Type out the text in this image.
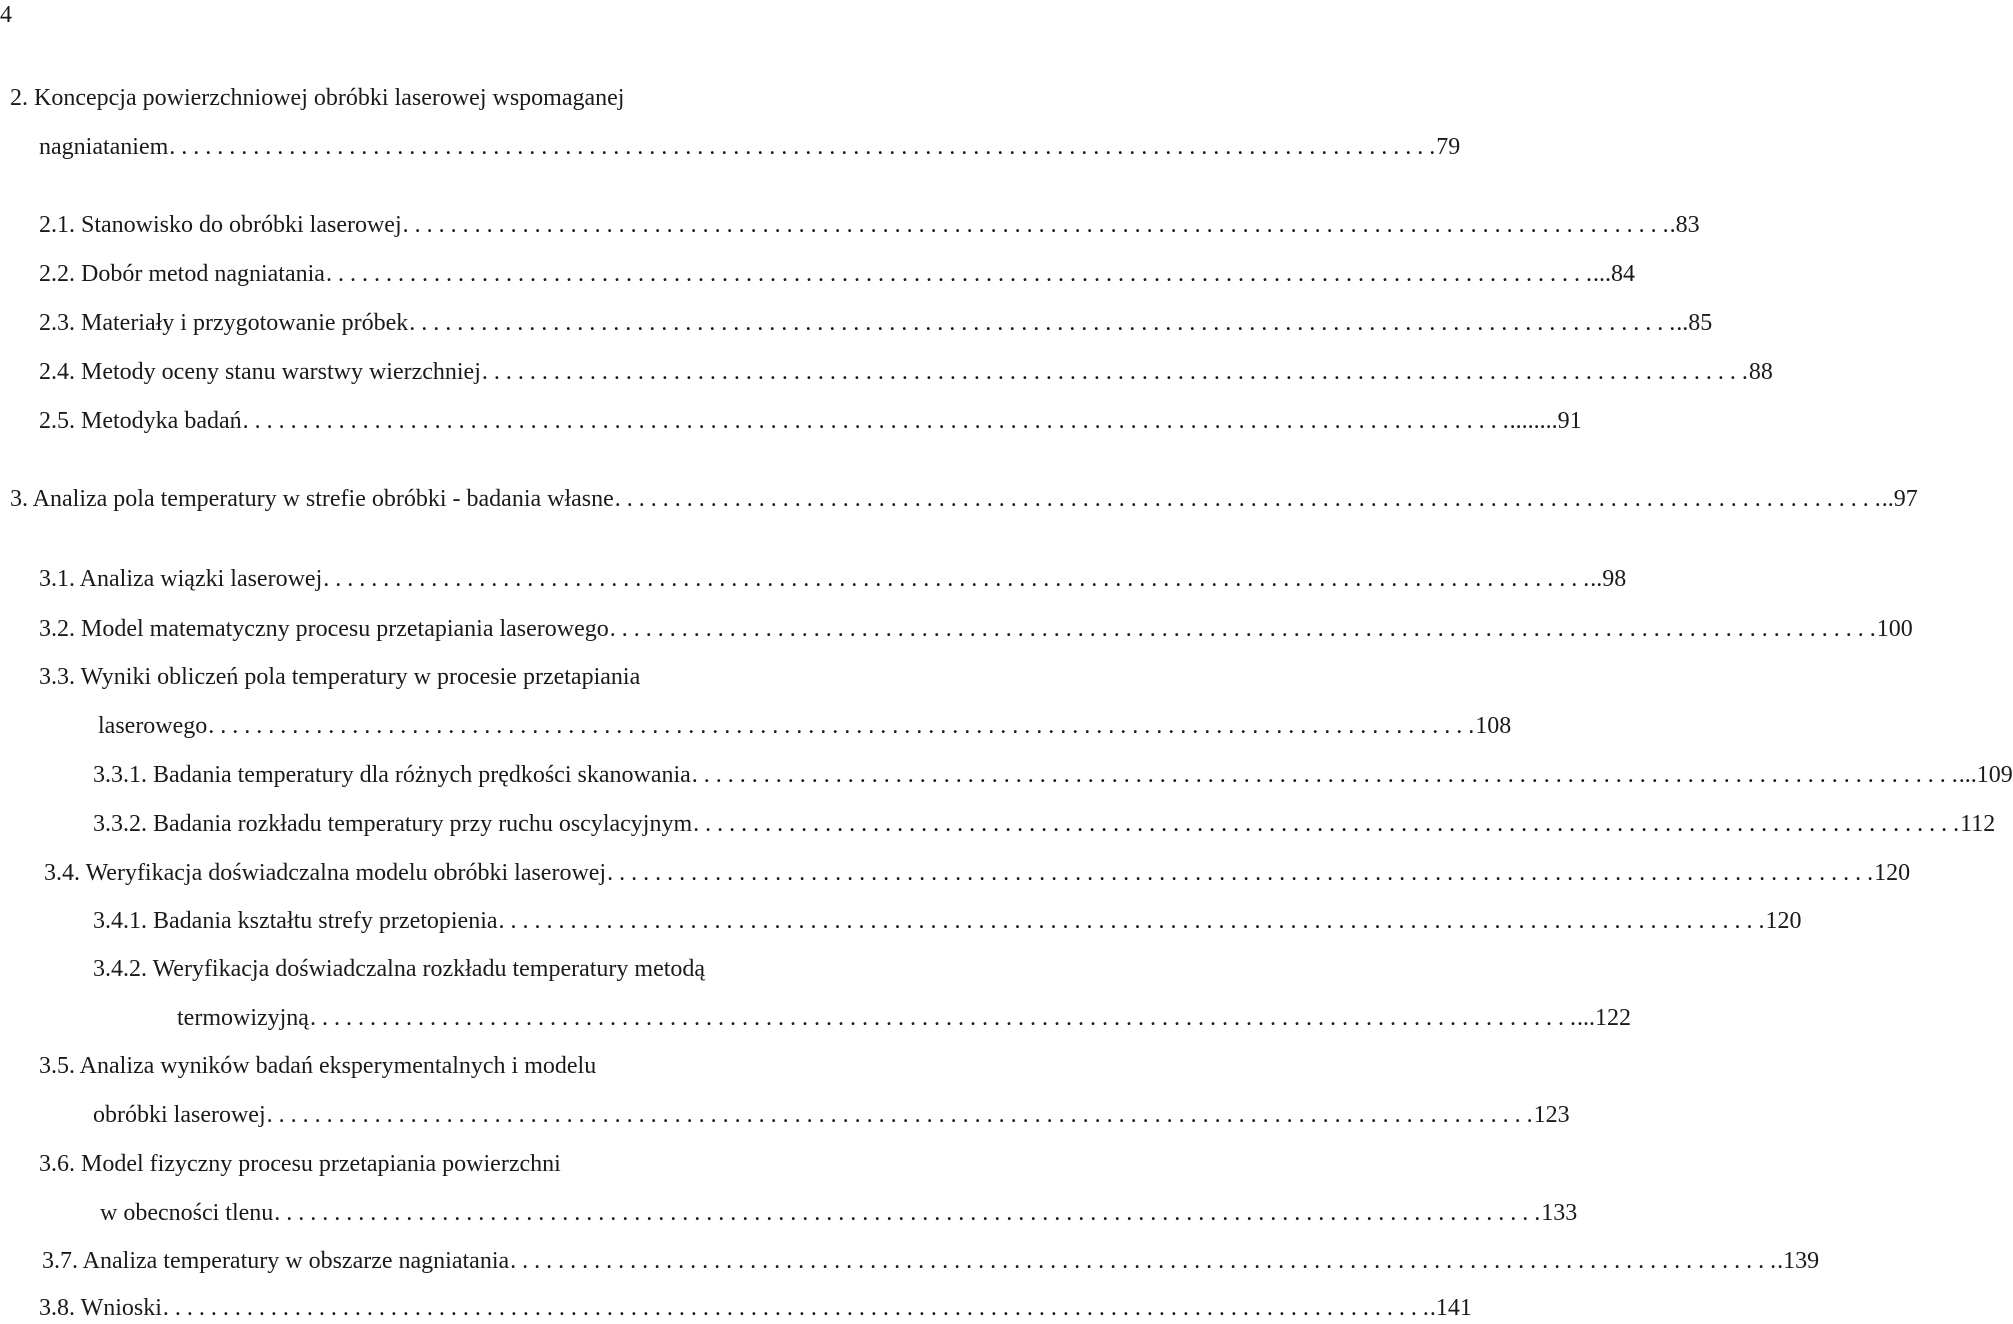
4
2. Koncepcja powierzchniowej obróbki laserowej wspomaganej
nagniataniem . . . . . . . . . . . . . . . . . . . . . . . . . . . . . . . . . . . . . . . . . . . . . . . . . . . . . . . . . . . . . . . . . . . . . . . . . . . . . . . . . . . . . . . . . . . . . . . . . . . . . . . . . . 79
2.1. Stanowisko do obróbki laserowej . . . . . . . . . . . . . . . . . . . . . . . . . . . . . . . . . . . . . . . . . . . . . . . . . . . . . . . . . . . . . . . . . . . . . . . . . . . . . . . . . . . . . . . . . . . . . . . . . . . . . . . . . . .83
2.2. Dobór metod nagniatania . . . . . . . . . . . . . . . . . . . . . . . . . . . . . . . . . . . . . . . . . . . . . . . . . . . . . . . . . . . . . . . . . . . . . . . . . . . . . . . . . . . . . . . . . . . . . . . . . . . . . . . . . . ...84
2.3. Materiały i przygotowanie próbek . . . . . . . . . . . . . . . . . . . . . . . . . . . . . . . . . . . . . . . . . . . . . . . . . . . . . . . . . . . . . . . . . . . . . . . . . . . . . . . . . . . . . . . . . . . . . . . . . . . . . . . . . . ..85
2.4. Metody oceny stanu warstwy wierzchniej . . . . . . . . . . . . . . . . . . . . . . . . . . . . . . . . . . . . . . . . . . . . . . . . . . . . . . . . . . . . . . . . . . . . . . . . . . . . . . . . . . . . . . . . . . . . . . . . . . . . . . . . . . 88
2.5. Metodyka badań . . . . . . . . . . . . . . . . . . . . . . . . . . . . . . . . . . . . . . . . . . . . . . . . . . . . . . . . . . . . . . . . . . . . . . . . . . . . . . . . . . . . . . . . . . . . . . . . . . . . . . . . . . ........91
3. Analiza pola temperatury w strefie obróbki - badania własne . . . . . . . . . . . . . . . . . . . . . . . . . . . . . . . . . . . . . . . . . . . . . . . . . . . . . . . . . . . . . . . . . . . . . . . . . . . . . . . . . . . . . . . . . . . . . . . . . . . . . . . . . . ..97
3.1. Analiza wiązki laserowej . . . . . . . . . . . . . . . . . . . . . . . . . . . . . . . . . . . . . . . . . . . . . . . . . . . . . . . . . . . . . . . . . . . . . . . . . . . . . . . . . . . . . . . . . . . . . . . . . . . . . . . . . . ..98
3.2. Model matematyczny procesu przetapiania laserowego . . . . . . . . . . . . . . . . . . . . . . . . . . . . . . . . . . . . . . . . . . . . . . . . . . . . . . . . . . . . . . . . . . . . . . . . . . . . . . . . . . . . . . . . . . . . . . . . . . . . . . . . . . 100
3.3. Wyniki obliczeń pola temperatury w procesie przetapiania
laserowego . . . . . . . . . . . . . . . . . . . . . . . . . . . . . . . . . . . . . . . . . . . . . . . . . . . . . . . . . . . . . . . . . . . . . . . . . . . . . . . . . . . . . . . . . . . . . . . . . . . . . . . . . . 108
3.3.1. Badania temperatury dla różnych prędkości skanowania . . . . . . . . . . . . . . . . . . . . . . . . . . . . . . . . . . . . . . . . . . . . . . . . . . . . . . . . . . . . . . . . . . . . . . . . . . . . . . . . . . . . . . . . . . . . . . . . . . . . . . . . . . ...109
3.3.2. Badania rozkładu temperatury przy ruchu oscylacyjnym . . . . . . . . . . . . . . . . . . . . . . . . . . . . . . . . . . . . . . . . . . . . . . . . . . . . . . . . . . . . . . . . . . . . . . . . . . . . . . . . . . . . . . . . . . . . . . . . . . . . . . . . . . 112
3.4. Weryfikacja doświadczalna modelu obróbki laserowej . . . . . . . . . . . . . . . . . . . . . . . . . . . . . . . . . . . . . . . . . . . . . . . . . . . . . . . . . . . . . . . . . . . . . . . . . . . . . . . . . . . . . . . . . . . . . . . . . . . . . . . . . . 120
3.4.1. Badania kształtu strefy przetopienia . . . . . . . . . . . . . . . . . . . . . . . . . . . . . . . . . . . . . . . . . . . . . . . . . . . . . . . . . . . . . . . . . . . . . . . . . . . . . . . . . . . . . . . . . . . . . . . . . . . . . . . . . . 120
3.4.2. Weryfikacja doświadczalna rozkładu temperatury metodą
termowizyjną . . . . . . . . . . . . . . . . . . . . . . . . . . . . . . . . . . . . . . . . . . . . . . . . . . . . . . . . . . . . . . . . . . . . . . . . . . . . . . . . . . . . . . . . . . . . . . . . . . . . . . . . . . ...122
3.5. Analiza wyników badań eksperymentalnych i modelu
obróbki laserowej . . . . . . . . . . . . . . . . . . . . . . . . . . . . . . . . . . . . . . . . . . . . . . . . . . . . . . . . . . . . . . . . . . . . . . . . . . . . . . . . . . . . . . . . . . . . . . . . . . . . . . . . . . 123
3.6. Model fizyczny procesu przetapiania powierzchni
w obecności tlenu . . . . . . . . . . . . . . . . . . . . . . . . . . . . . . . . . . . . . . . . . . . . . . . . . . . . . . . . . . . . . . . . . . . . . . . . . . . . . . . . . . . . . . . . . . . . . . . . . . . . . . . . . . 133
3.7. Analiza temperatury w obszarze nagniatania . . . . . . . . . . . . . . . . . . . . . . . . . . . . . . . . . . . . . . . . . . . . . . . . . . . . . . . . . . . . . . . . . . . . . . . . . . . . . . . . . . . . . . . . . . . . . . . . . . . . . . . . . . .139
3.8. Wnioski . . . . . . . . . . . . . . . . . . . . . . . . . . . . . . . . . . . . . . . . . . . . . . . . . . . . . . . . . . . . . . . . . . . . . . . . . . . . . . . . . . . . . . . . . . . . . . . . . . . . . . . . . . .141
